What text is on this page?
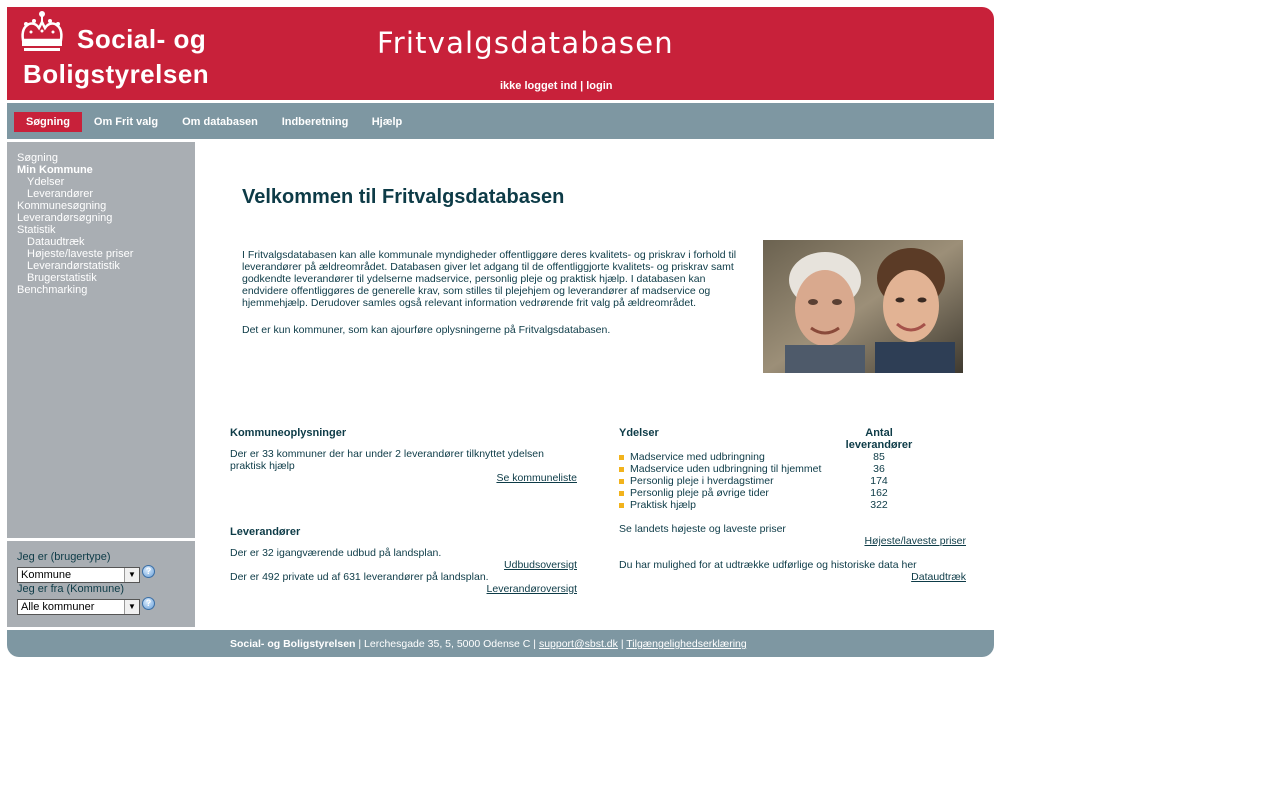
Social- og
Boligstyrelsen
Fritvalgsdatabasen
ikke logget ind | login
Søgning	Om Frit valg	Om databasen	Indberetning	Hjælp
Søgning
Min Kommune
Ydelser
Leverandører
Kommunesøgning
Leverandørsøgning
Statistik
Dataudtræk
Højeste/laveste priser
Leverandørstatistik
Brugerstatistik
Benchmarking
Jeg er (brugertype)
Kommune	▼	?
Jeg er fra (Kommune)
Alle kommuner	▼	?
Velkommen til Fritvalgsdatabasen
I Fritvalgsdatabasen kan alle kommunale myndigheder offentliggøre deres kvalitets- og priskrav i forhold til leverandører på ældreområdet. Databasen giver let adgang til de offentliggjorte kvalitets- og priskrav samt godkendte leverandører til ydelserne madservice, personlig pleje og praktisk hjælp. I databasen kan endvidere offentliggøres de generelle krav, som stilles til plejehjem og leverandører af madservice og hjemmehjælp. Derudover samles også relevant information vedrørende frit valg på ældreområdet.
Det er kun kommuner, som kan ajourføre oplysningerne på Fritvalgsdatabasen.
Kommuneoplysninger
Der er 33 kommuner der har under 2 leverandører tilknyttet ydelsen praktisk hjælp
Se kommuneliste
Leverandører
Der er 32 igangværende udbud på landsplan.
Udbudsoversigt
Der er 492 private ud af 631 leverandører på landsplan.
Leverandøroversigt
Ydelser	Antal
leverandører
Madservice med udbringning	85
Madservice uden udbringning til hjemmet	36
Personlig pleje i hverdagstimer	174
Personlig pleje på øvrige tider	162
Praktisk hjælp	322
Se landets højeste og laveste priser
Højeste/laveste priser
Du har mulighed for at udtrække udførlige og historiske data her
Dataudtræk
Social- og Boligstyrelsen | Lerchesgade 35, 5, 5000 Odense C | support@sbst.dk | Tilgængelighedserklæring
